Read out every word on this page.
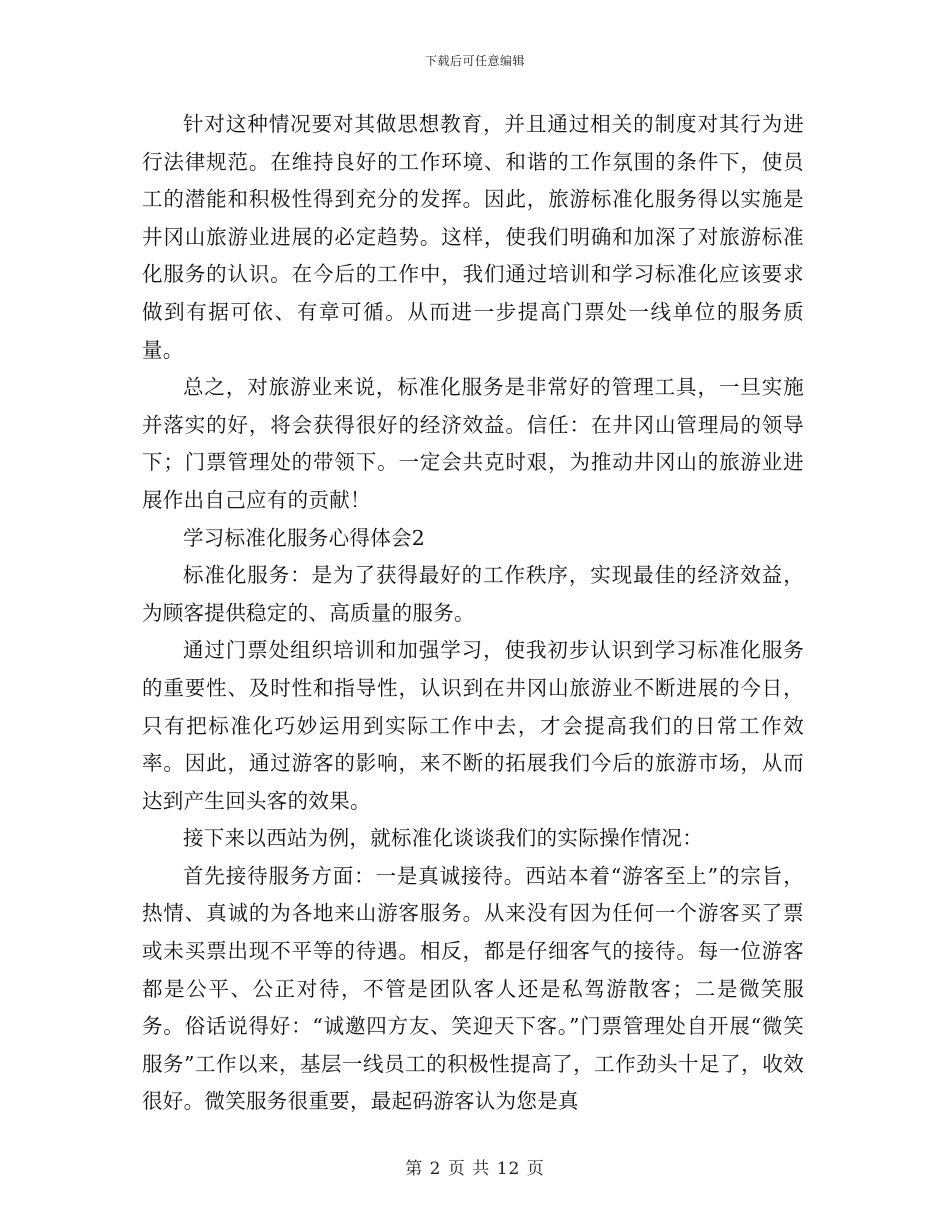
下载后可任意编辑

针对这种情况要对其做思想教育，并且通过相关的制度对其行为进行法律规范。在维持良好的工作环境、和谐的工作氛围的条件下，使员工的潜能和积极性得到充分的发挥。因此，旅游标准化服务得以实施是井冈山旅游业进展的必定趋势。这样，使我们明确和加深了对旅游标准化服务的认识。在今后的工作中，我们通过培训和学习标准化应该要求做到有据可依、有章可循。从而进一步提高门票处一线单位的服务质量。

总之，对旅游业来说，标准化服务是非常好的管理工具，一旦实施并落实的好，将会获得很好的经济效益。信任：在井冈山管理局的领导下；门票管理处的带领下。一定会共克时艰，为推动井冈山的旅游业进展作出自己应有的贡献！

学习标准化服务心得体会2

标准化服务：是为了获得最好的工作秩序，实现最佳的经济效益，为顾客提供稳定的、高质量的服务。

通过门票处组织培训和加强学习，使我初步认识到学习标准化服务的重要性、及时性和指导性，认识到在井冈山旅游业不断进展的今日，只有把标准化巧妙运用到实际工作中去，才会提高我们的日常工作效率。因此，通过游客的影响，来不断的拓展我们今后的旅游市场，从而达到产生回头客的效果。

接下来以西站为例，就标准化谈谈我们的实际操作情况：

首先接待服务方面：一是真诚接待。西站本着“游客至上”的宗旨，热情、真诚的为各地来山游客服务。从来没有因为任何一个游客买了票或未买票出现不平等的待遇。相反，都是仔细客气的接待。每一位游客都是公平、公正对待，不管是团队客人还是私驾游散客；二是微笑服务。俗话说得好：“诚邀四方友、笑迎天下客。”门票管理处自开展“微笑服务”工作以来，基层一线员工的积极性提高了，工作劲头十足了，收效很好。微笑服务很重要，最起码游客认为您是真

第 2 页 共 12 页
